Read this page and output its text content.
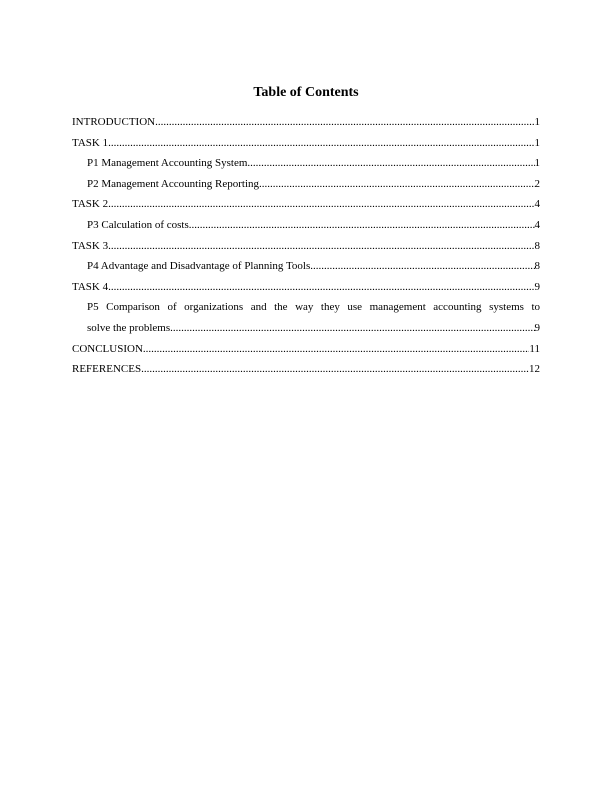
Table of Contents
INTRODUCTION .....	1
TASK 1 .....	1
P1 Management Accounting System .....	1
P2 Management Accounting Reporting .....	2
TASK 2 .....	4
P3 Calculation of costs .....	4
TASK 3 .....	8
P4 Advantage and Disadvantage of Planning Tools .....	8
TASK 4 .....	9
P5 Comparison of organizations and the way they use management accounting systems to
solve the problems .....	9
CONCLUSION .....	11
REFERENCES .....	12
